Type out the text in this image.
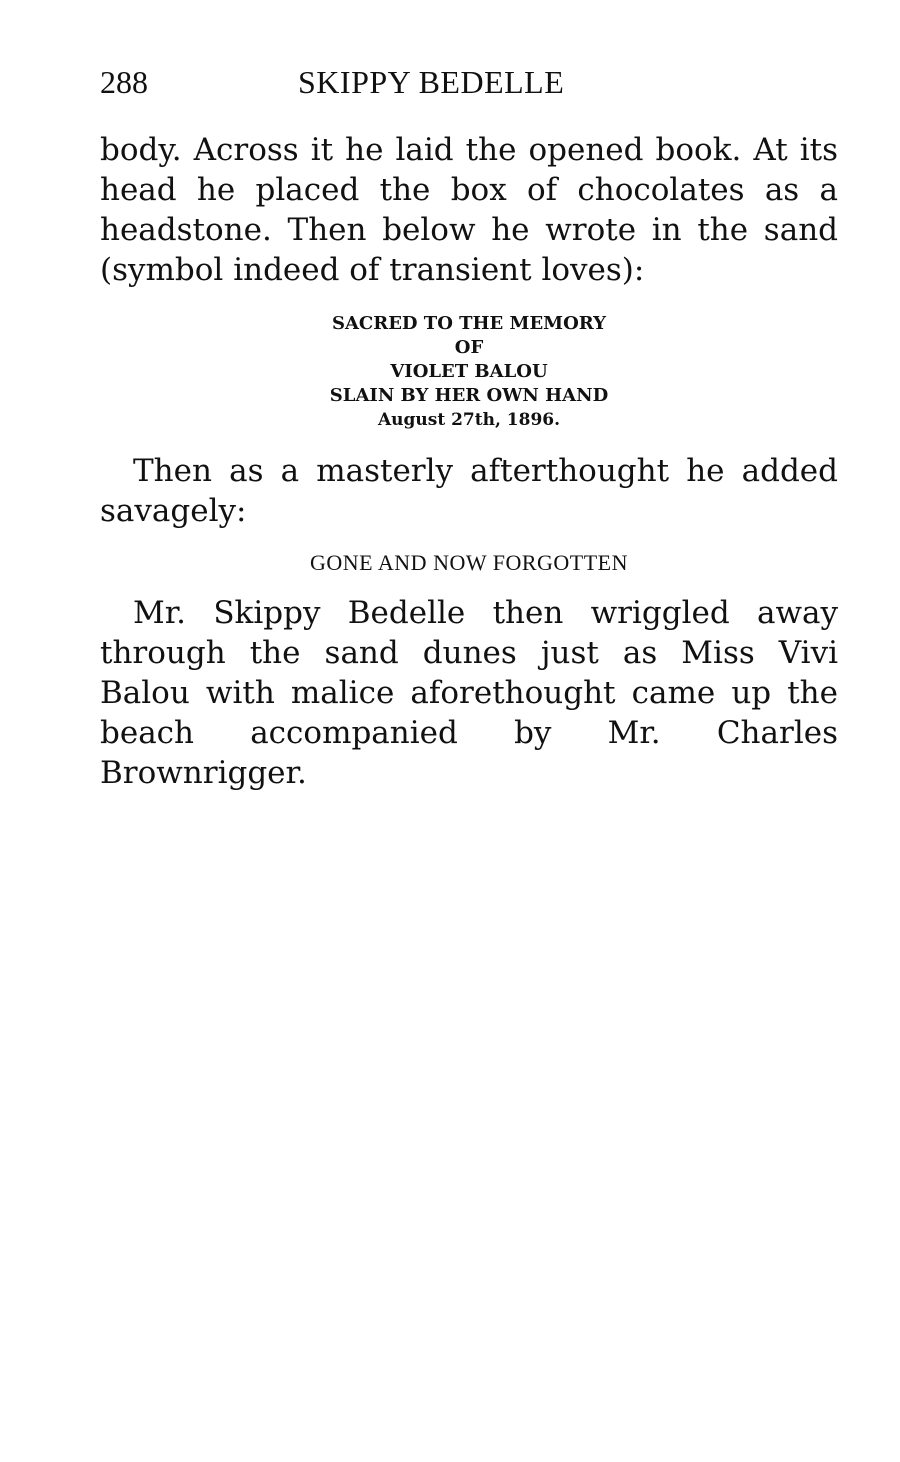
288	SKIPPY BEDELLE

body. Across it he laid the opened book. At its head he placed the box of chocolates as a headstone. Then below he wrote in the sand (symbol indeed of transient loves):

SACRED TO THE MEMORY
OF
VIOLET BALOU
SLAIN BY HER OWN HAND
August 27th, 1896.

Then as a masterly afterthought he added savagely:

GONE AND NOW FORGOTTEN

Mr. Skippy Bedelle then wriggled away through the sand dunes just as Miss Vivi Balou with malice aforethought came up the beach accompanied by Mr. Charles Brownrigger.
